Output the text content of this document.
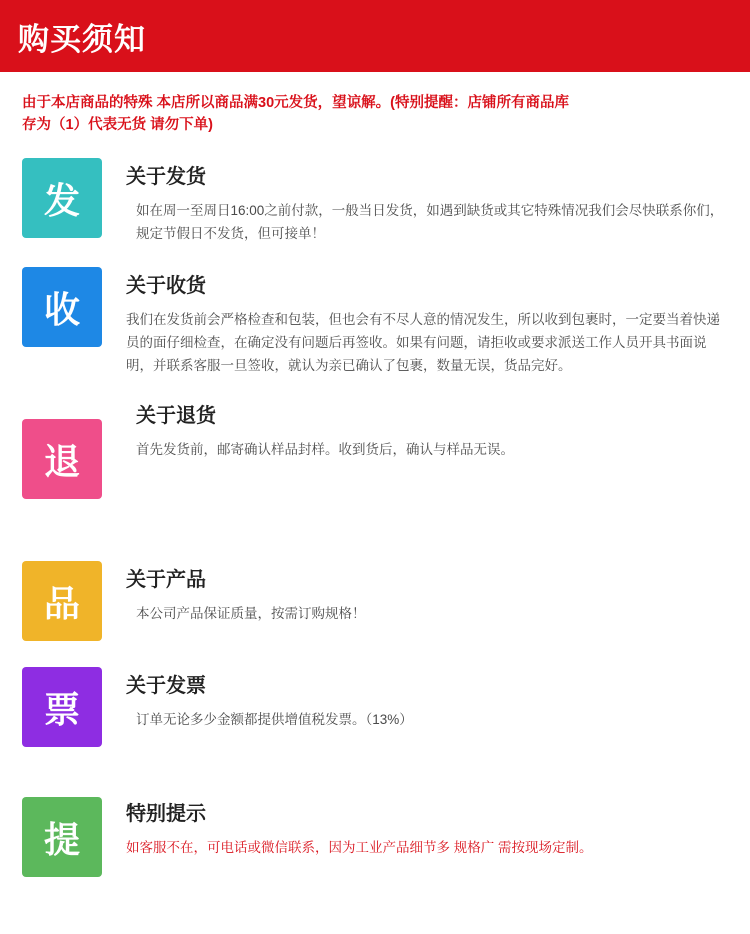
购买须知
由于本店商品的特殊 本店所以商品满30元发货，望谅解。(特别提醒：店铺所有商品库存为（1）代表无货 请勿下单)
发
关于发货
如在周一至周日16:00之前付款，一般当日发货，如遇到缺货或其它特殊情况我们会尽快联系你们，规定节假日不发货，但可接单！
收
关于收货
我们在发货前会严格检查和包装，但也会有不尽人意的情况发生，所以收到包裹时，一定要当着快递员的面仔细检查，在确定没有问题后再签收。如果有问题，请拒收或要求派送工作人员开具书面说明，并联系客服一旦签收，就认为亲已确认了包裹，数量无误，货品完好。
退
关于退货
首先发货前，邮寄确认样品封样。收到货后，确认与样品无误。
品
关于产品
本公司产品保证质量，按需订购规格！
票
关于发票
订单无论多少金额都提供增值税发票。（13%）
提
特别提示
如客服不在，可电话或微信联系，因为工业产品细节多 规格广 需按现场定制。
